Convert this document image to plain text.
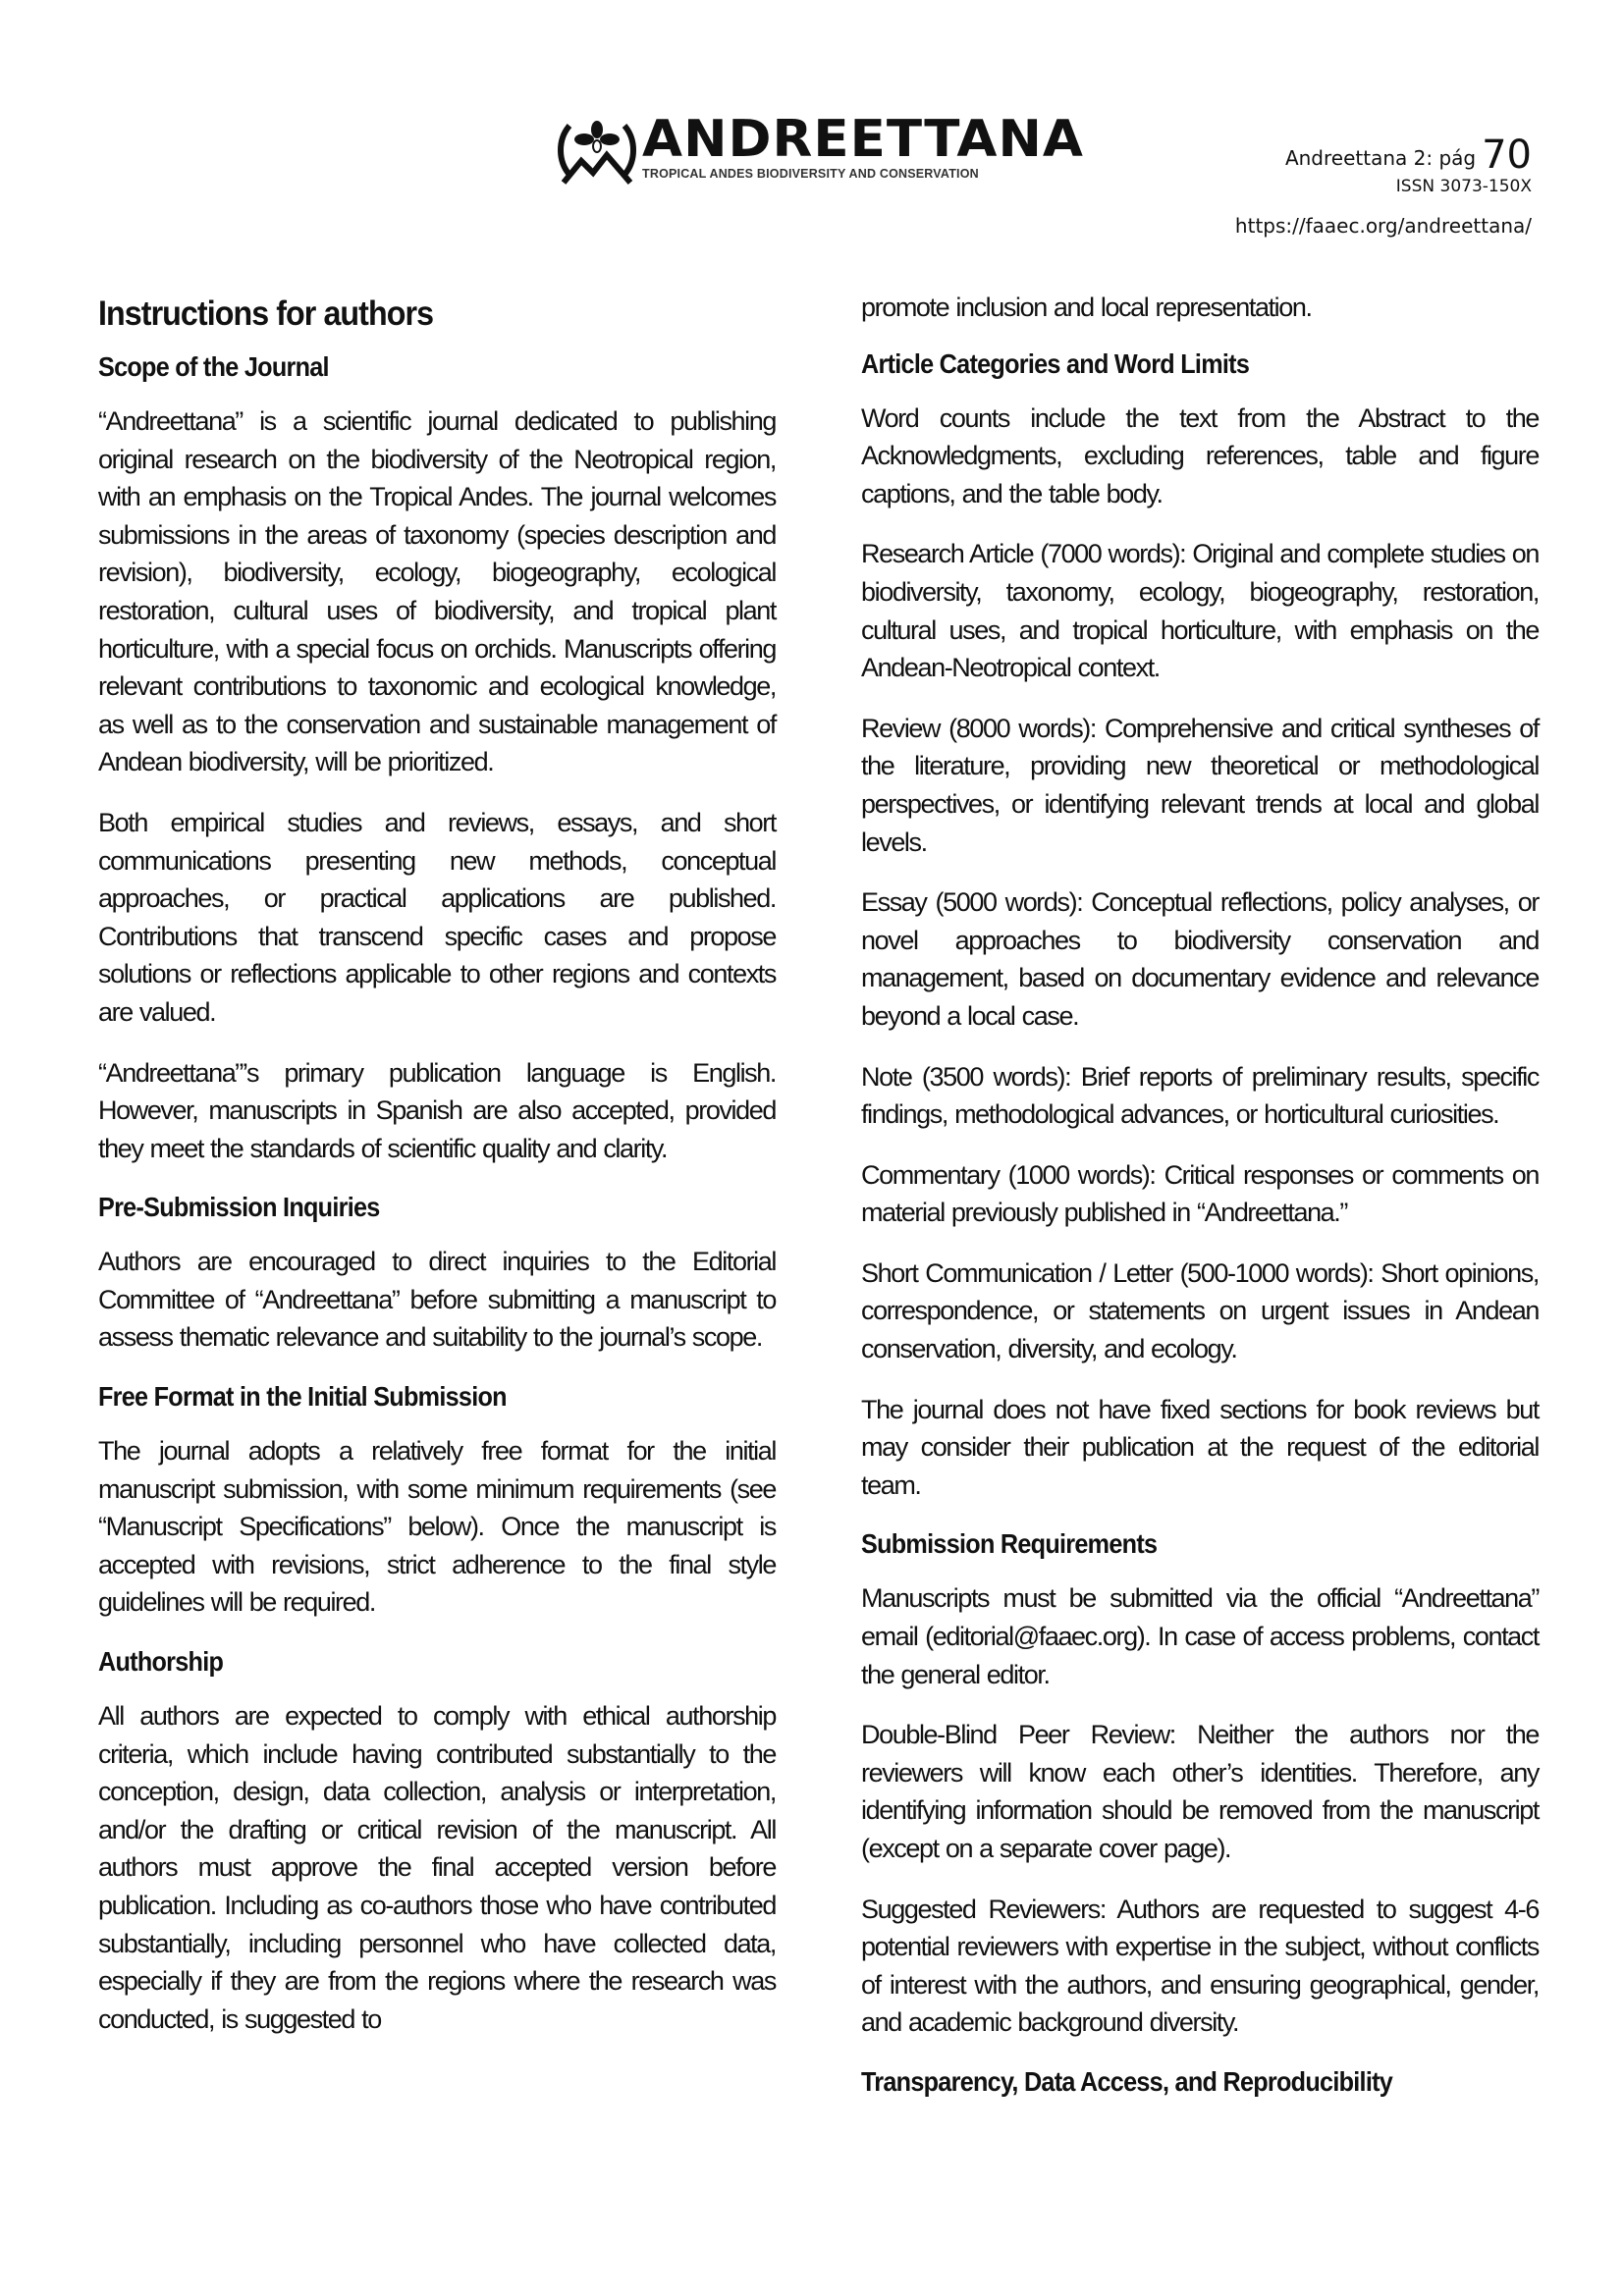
ANDREETTANA
TROPICAL ANDES BIODIVERSITY AND CONSERVATION
Andreettana 2: pág 70
ISSN 3073-150X
https://faaec.org/andreettana/
Instructions for authors
Scope of the Journal

“Andreettana” is a scientific journal dedicated to publishing original research on the biodiversity of the Neotropical region, with an emphasis on the Tropical Andes. The journal welcomes submissions in the areas of taxonomy (species description and revision), biodiversity, ecology, biogeography, ecological restoration, cultural uses of biodiversity, and tropical plant horticulture, with a special focus on orchids. Manuscripts offering relevant contributions to taxonomic and ecological knowledge, as well as to the conservation and sustainable management of Andean biodiversity, will be prioritized.

Both empirical studies and reviews, essays, and short communications presenting new methods, conceptual approaches, or practical applications are published. Contributions that transcend specific cases and propose solutions or reflections applicable to other regions and contexts are valued.

“Andreettana”’s primary publication language is English. However, manuscripts in Spanish are also accepted, provided they meet the standards of scientific quality and clarity.

Pre-Submission Inquiries

Authors are encouraged to direct inquiries to the Editorial Committee of “Andreettana” before submitting a manuscript to assess thematic relevance and suitability to the journal’s scope.

Free Format in the Initial Submission

The journal adopts a relatively free format for the initial manuscript submission, with some minimum requirements (see “Manuscript Specifications” below). Once the manuscript is accepted with revisions, strict adherence to the final style guidelines will be required.

Authorship

All authors are expected to comply with ethical authorship criteria, which include having contributed substantially to the conception, design, data collection, analysis or interpretation, and/or the drafting or critical revision of the manuscript. All authors must approve the final accepted version before publication. Including as co-authors those who have contributed substantially, including personnel who have collected data, especially if they are from the regions where the research was conducted, is suggested to

promote inclusion and local representation.

Article Categories and Word Limits

Word counts include the text from the Abstract to the Acknowledgments, excluding references, table and figure captions, and the table body.

Research Article (7000 words): Original and complete studies on biodiversity, taxonomy, ecology, biogeography, restoration, cultural uses, and tropical horticulture, with emphasis on the Andean-Neotropical context.

Review (8000 words): Comprehensive and critical syntheses of the literature, providing new theoretical or methodological perspectives, or identifying relevant trends at local and global levels.

Essay (5000 words): Conceptual reflections, policy analyses, or novel approaches to biodiversity conservation and management, based on documentary evidence and relevance beyond a local case.

Note (3500 words): Brief reports of preliminary results, specific findings, methodological advances, or horticultural curiosities.

Commentary (1000 words): Critical responses or comments on material previously published in “Andreettana.”

Short Communication / Letter (500-1000 words): Short opinions, correspondence, or statements on urgent issues in Andean conservation, diversity, and ecology.

The journal does not have fixed sections for book reviews but may consider their publication at the request of the editorial team.

Submission Requirements

Manuscripts must be submitted via the official “Andreettana” email (editorial@faaec.org). In case of access problems, contact the general editor.

Double-Blind Peer Review: Neither the authors nor the reviewers will know each other’s identities. Therefore, any identifying information should be removed from the manuscript (except on a separate cover page).

Suggested Reviewers: Authors are requested to suggest 4-6 potential reviewers with expertise in the subject, without conflicts of interest with the authors, and ensuring geographical, gender, and academic background diversity.

Transparency, Data Access, and Reproducibility
